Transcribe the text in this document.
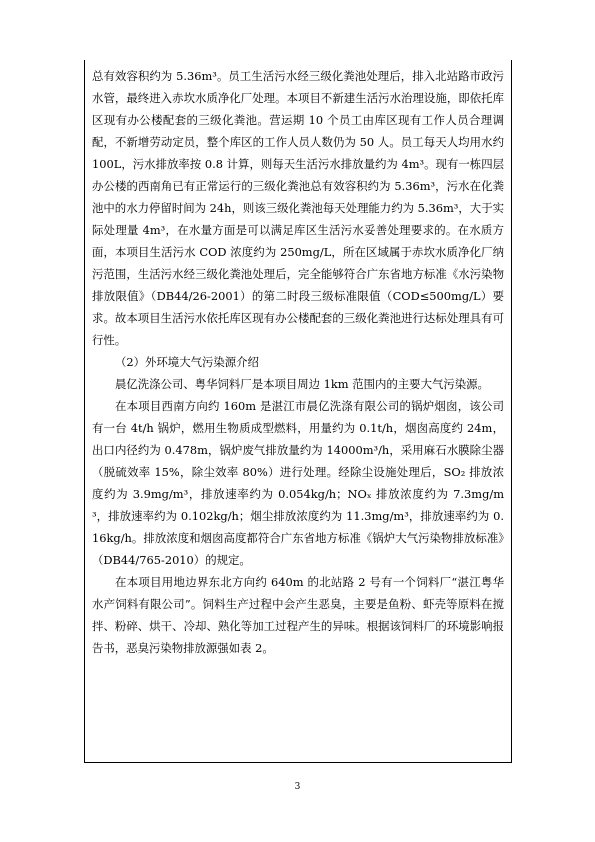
总有效容积约为 5.36m³。员工生活污水经三级化粪池处理后，排入北站路市政污水管，最终进入赤坎水质净化厂处理。本项目不新建生活污水治理设施，即依托库区现有办公楼配套的三级化粪池。营运期 10 个员工由库区现有工作人员合理调配，不新增劳动定员，整个库区的工作人员人数仍为 50 人。员工每天人均用水约 100L，污水排放率按 0.8 计算，则每天生活污水排放量约为 4m³。现有一栋四层办公楼的西南角已有正常运行的三级化粪池总有效容积约为 5.36m³，污水在化粪池中的水力停留时间为 24h，则该三级化粪池每天处理能力约为 5.36m³，大于实际处理量 4m³，在水量方面是可以满足库区生活污水妥善处理要求的。在水质方面，本项目生活污水 COD 浓度约为 250mg/L，所在区域属于赤坎水质净化厂纳污范围，生活污水经三级化粪池处理后，完全能够符合广东省地方标准《水污染物排放限值》（DB44/26-2001）的第二时段三级标准限值（COD≤500mg/L）要求。故本项目生活污水依托库区现有办公楼配套的三级化粪池进行达标处理具有可行性。

（2）外环境大气污染源介绍

晨亿洗涤公司、粤华饲料厂是本项目周边 1km 范围内的主要大气污染源。

在本项目西南方向约 160m 是湛江市晨亿洗涤有限公司的锅炉烟囱，该公司有一台 4t/h 锅炉，燃用生物质成型燃料，用量约为 0.1t/h，烟囱高度约 24m，出口内径约为 0.478m，锅炉废气排放量约为 14000m³/h，采用麻石水膜除尘器（脱硫效率 15%，除尘效率 80%）进行处理。经除尘设施处理后，SO₂ 排放浓度约为 3.9mg/m³，排放速率约为 0.054kg/h；NOₓ 排放浓度约为 7.3mg/m³，排放速率约为 0.102kg/h；烟尘排放浓度约为 11.3mg/m³，排放速率约为 0.16kg/h。排放浓度和烟囱高度都符合广东省地方标准《锅炉大气污染物排放标准》（DB44/765-2010）的规定。

在本项目用地边界东北方向约 640m 的北站路 2 号有一个饲料厂“湛江粤华水产饲料有限公司”。饲料生产过程中会产生恶臭，主要是鱼粉、虾壳等原料在搅拌、粉碎、烘干、冷却、熟化等加工过程产生的异味。根据该饲料厂的环境影响报告书，恶臭污染物排放源强如表 2。

3
